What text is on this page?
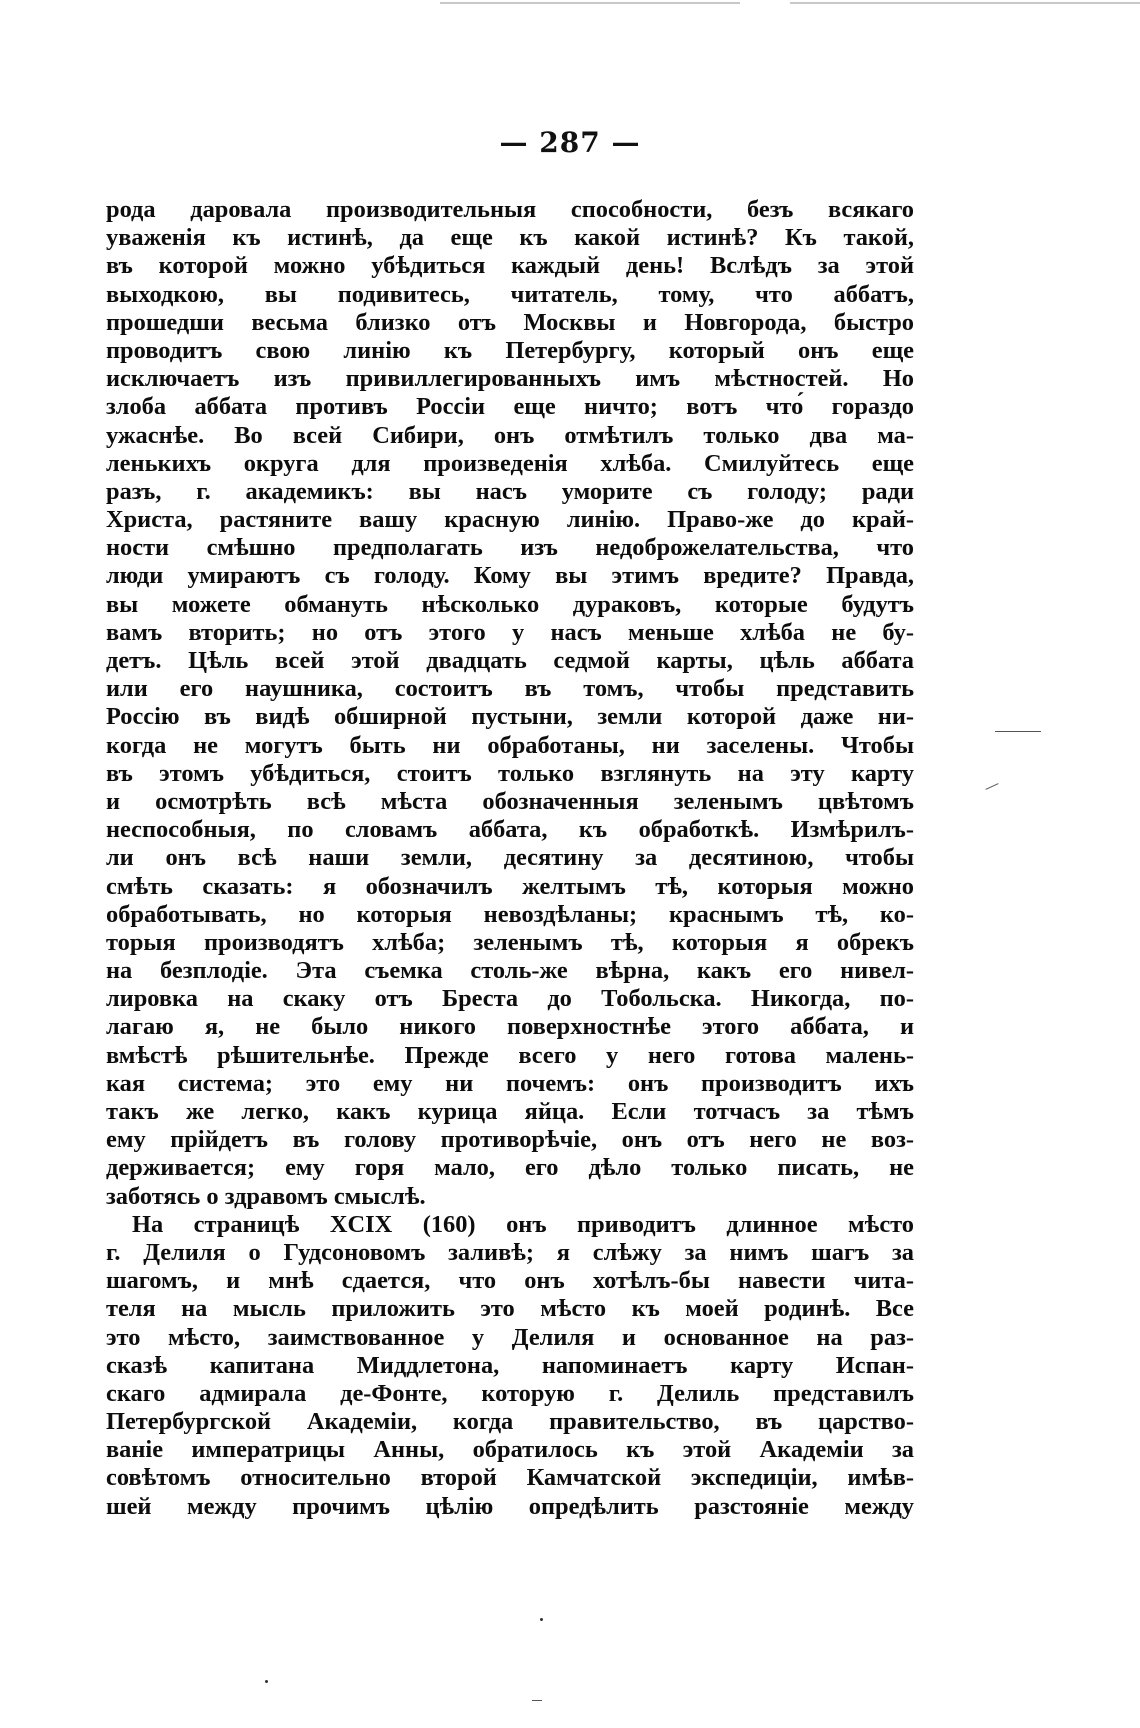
— 287 —
рода даровала производительныя способности, безъ всякаго
уваженія къ истинѣ, да еще къ какой истинѣ? Къ такой,
въ которой можно убѣдиться каждый день! Вслѣдъ за этой
выходкою, вы подивитесь, читатель, тому, что аббатъ,
прошедши весьма близко отъ Москвы и Новгорода, быстро
проводитъ свою линію къ Петербургу, который онъ еще
исключаетъ изъ привиллегированныхъ имъ мѣстностей. Но
злоба аббата противъ Россіи еще ничто; вотъ что́ гораздо
ужаснѣе. Во всей Сибири, онъ отмѣтилъ только два ма-
ленькихъ округа для произведенія хлѣба. Смилуйтесь еще
разъ, г. академикъ: вы насъ уморите съ голоду; ради
Христа, растяните вашу красную линію. Право-же до край-
ности смѣшно предполагать изъ недоброжелательства, что
люди умираютъ съ голоду. Кому вы этимъ вредите? Правда,
вы можете обмануть нѣсколько дураковъ, которые будутъ
вамъ вторить; но отъ этого у насъ меньше хлѣба не бу-
детъ. Цѣль всей этой двадцать седмой карты, цѣль аббата
или его наушника, состоитъ въ томъ, чтобы представить
Россію въ видѣ обширной пустыни, земли которой даже ни-
когда не могутъ быть ни обработаны, ни заселены. Чтобы
въ этомъ убѣдиться, стоитъ только взглянуть на эту карту
и осмотрѣть всѣ мѣста обозначенныя зеленымъ цвѣтомъ
неспособныя, по словамъ аббата, къ обработкѣ. Измѣрилъ-
ли онъ всѣ наши земли, десятину за десятиною, чтобы
смѣть сказать: я обозначилъ желтымъ тѣ, которыя можно
обработывать, но которыя невоздѣланы; краснымъ тѣ, ко-
торыя производятъ хлѣба; зеленымъ тѣ, которыя я обрекъ
на безплодіе. Эта съемка столь-же вѣрна, какъ его нивел-
лировка на скаку отъ Бреста до Тобольска. Никогда, по-
лагаю я, не было никого поверхностнѣе этого аббата, и
вмѣстѣ рѣшительнѣе. Прежде всего у него готова малень-
кая система; это ему ни почемъ: онъ производитъ ихъ
такъ же легко, какъ курица яйца. Если тотчасъ за тѣмъ
ему прійдетъ въ голову противорѣчіе, онъ отъ него не воз-
держивается; ему горя мало, его дѣло только писать, не
заботясь о здравомъ смыслѣ.
На страницѣ XCIX (160) онъ приводитъ длинное мѣсто
г. Делиля о Гудсоновомъ заливѣ; я слѣжу за нимъ шагъ за
шагомъ, и мнѣ сдается, что онъ хотѣлъ-бы навести чита-
теля на мысль приложить это мѣсто къ моей родинѣ. Все
это мѣсто, заимствованное у Делиля и основанное на раз-
сказѣ капитана Миддлетона, напоминаетъ карту Испан-
скаго адмирала де-Фонте, которую г. Делиль представилъ
Петербургской Академіи, когда правительство, въ царство-
ваніе императрицы Анны, обратилось къ этой Академіи за
совѣтомъ относительно второй Камчатской экспедиціи, имѣв-
шей между прочимъ цѣлію опредѣлить разстояніе между
